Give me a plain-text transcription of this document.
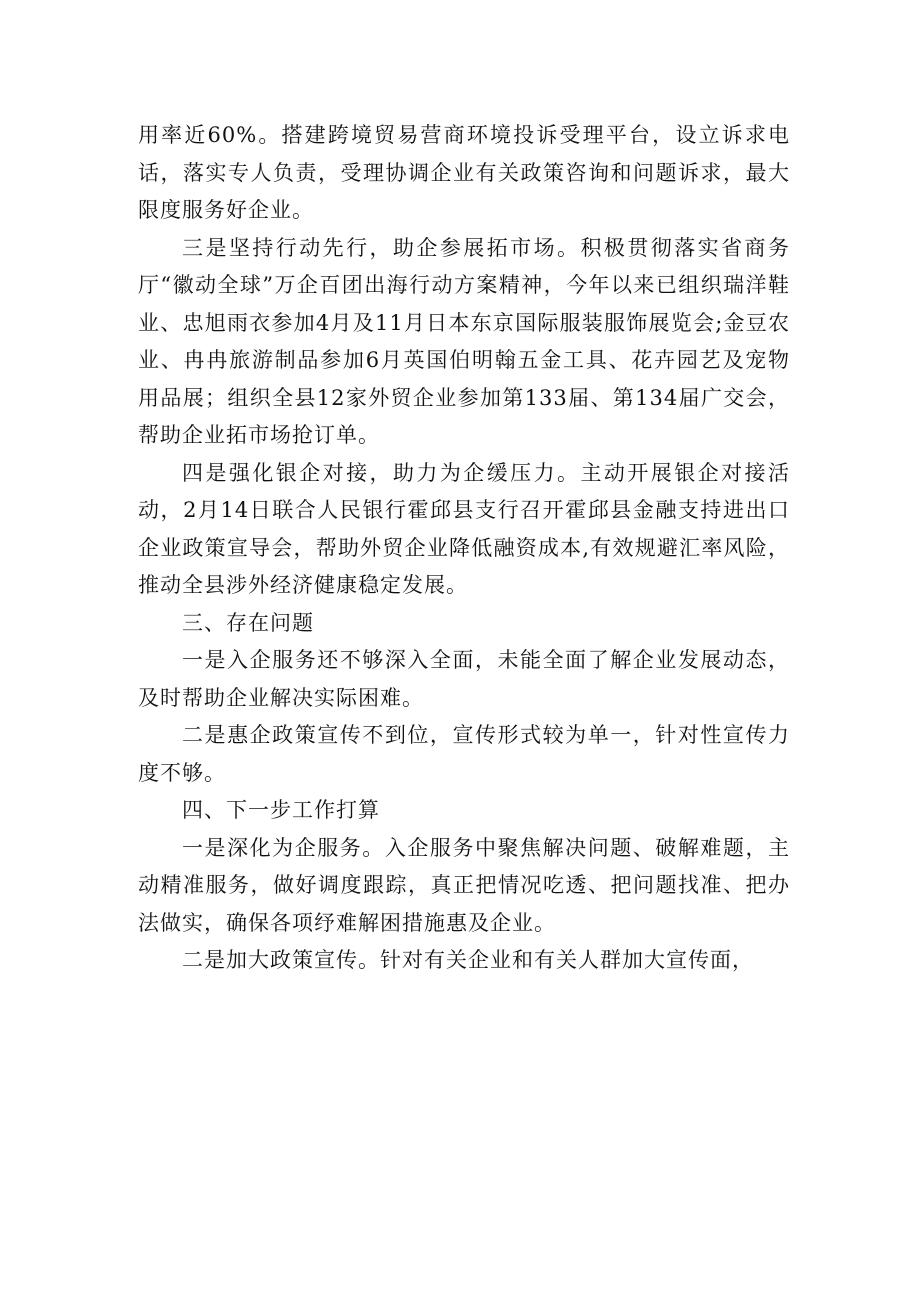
用率近60%。搭建跨境贸易营商环境投诉受理平台，设立诉求电话，落实专人负责，受理协调企业有关政策咨询和问题诉求，最大限度服务好企业。

三是坚持行动先行，助企参展拓市场。积极贯彻落实省商务厅“徽动全球”万企百团出海行动方案精神，今年以来已组织瑞洋鞋业、忠旭雨衣参加4月及11月日本东京国际服装服饰展览会;金豆农业、冉冉旅游制品参加6月英国伯明翰五金工具、花卉园艺及宠物用品展；组织全县12家外贸企业参加第133届、第134届广交会，帮助企业拓市场抢订单。

四是强化银企对接，助力为企缓压力。主动开展银企对接活动，2月14日联合人民银行霍邱县支行召开霍邱县金融支持进出口企业政策宣导会，帮助外贸企业降低融资成本,有效规避汇率风险，推动全县涉外经济健康稳定发展。

三、存在问题

一是入企服务还不够深入全面，未能全面了解企业发展动态，及时帮助企业解决实际困难。

二是惠企政策宣传不到位，宣传形式较为单一，针对性宣传力度不够。

四、下一步工作打算

一是深化为企服务。入企服务中聚焦解决问题、破解难题，主动精准服务，做好调度跟踪，真正把情况吃透、把问题找准、把办法做实，确保各项纾难解困措施惠及企业。

二是加大政策宣传。针对有关企业和有关人群加大宣传面，
